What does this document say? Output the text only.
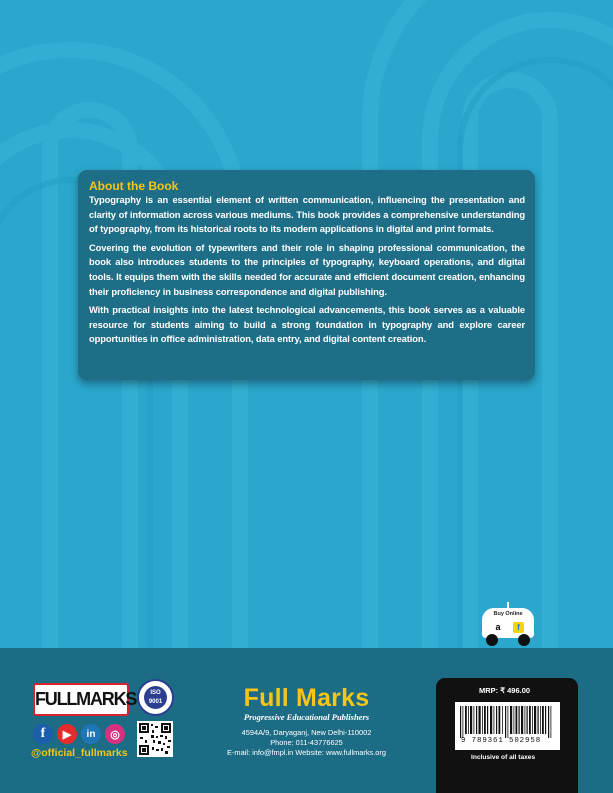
About the Book

Typography is an essential element of written communication, influencing the presentation and clarity of information across various mediums. This book provides a comprehensive understanding of typography, from its historical roots to its modern applications in digital and print formats.

Covering the evolution of typewriters and their role in shaping professional communication, the book also introduces students to the principles of typography, keyboard operations, and digital tools. It equips them with the skills needed for accurate and efficient document creation, enhancing their proficiency in business correspondence and digital publishing.

With practical insights into the latest technological advancements, this book serves as a valuable resource for students aiming to build a strong foundation in typography and explore career opportunities in office administration, data entry, and digital content creation.

Buy Online
a	f
FULLMARKS	ISO 9001
f	▶	in	◎
@official_fullmarks
Full Marks
Progressive Educational Publishers
4594A/9, Daryaganj, New Delhi-110002
Phone: 011-43776625
E-mail: info@fmpl.in Website: www.fullmarks.org
MRP: ₹ 496.00
9 789361 502958
Inclusive of all taxes
